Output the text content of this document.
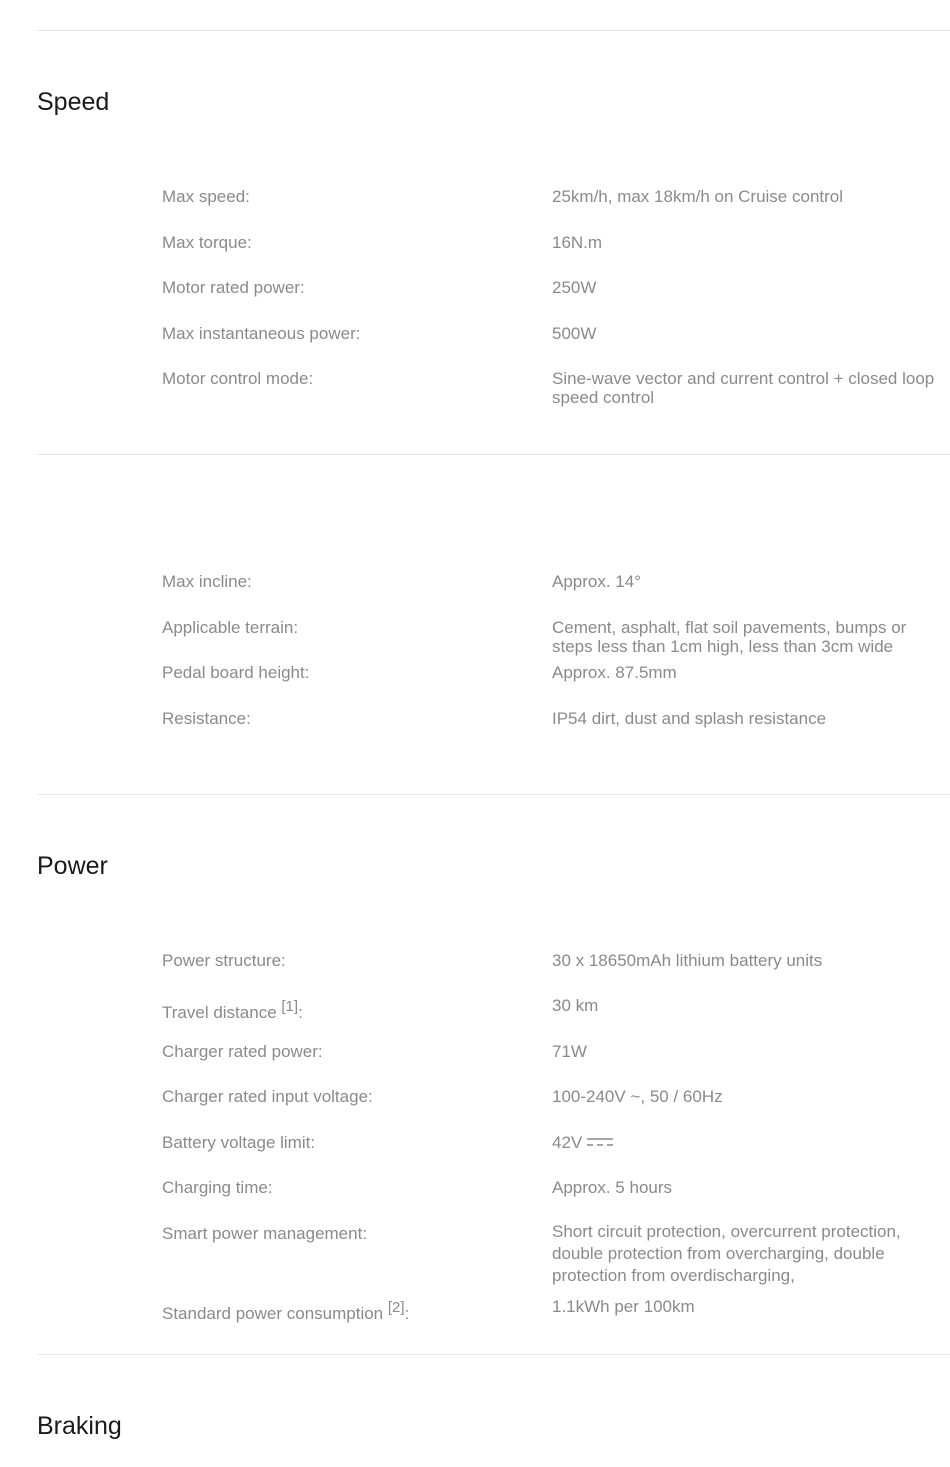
Speed
Max speed:	25km/h, max 18km/h on Cruise control
Max torque:	16N.m
Motor rated power:	250W
Max instantaneous power:	500W
Motor control mode:	Sine-wave vector and current control + closed loop speed control
Max incline:	Approx. 14°
Applicable terrain:	Cement, asphalt, flat soil pavements, bumps or steps less than 1cm high, less than 3cm wide
Pedal board height:	Approx. 87.5mm
Resistance:	IP54 dirt, dust and splash resistance
Power
Power structure:	30 x 18650mAh lithium battery units
Travel distance [1]:	30 km
Charger rated power:	71W
Charger rated input voltage:	100-240V ~, 50 / 60Hz
Battery voltage limit:	42V
Charging time:	Approx. 5 hours
Smart power management:	Short circuit protection, overcurrent protection, double protection from overcharging, double protection from overdischarging,
Standard power consumption [2]:	1.1kWh per 100km
Braking
